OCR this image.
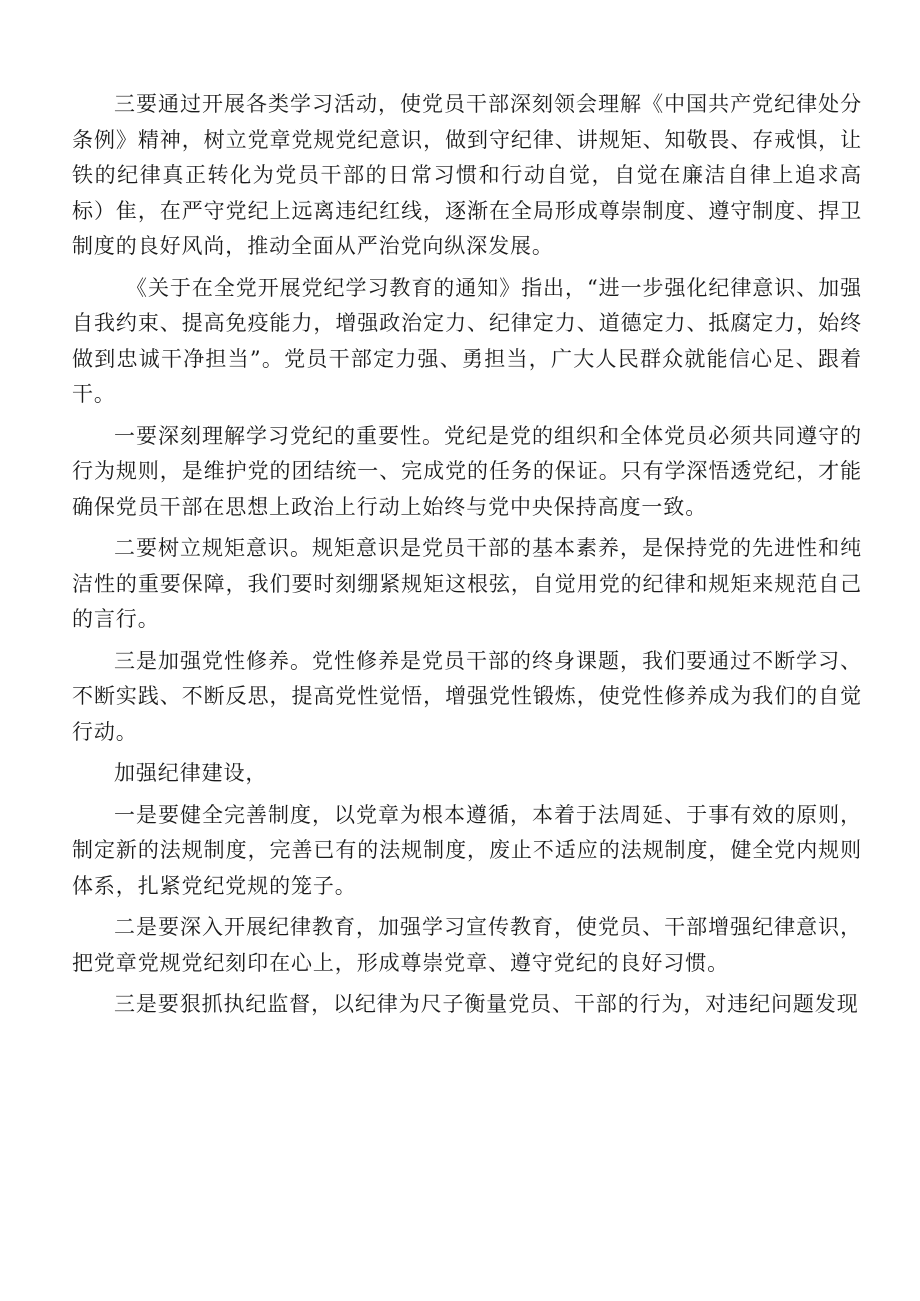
三要通过开展各类学习活动，使党员干部深刻领会理解《中国共产党纪律处分条例》精神，树立党章党规党纪意识，做到守纪律、讲规矩、知敬畏、存戒惧，让铁的纪律真正转化为党员干部的日常习惯和行动自觉，自觉在廉洁自律上追求高标）隹，在严守党纪上远离违纪红线，逐渐在全局形成尊崇制度、遵守制度、捍卫制度的良好风尚，推动全面从严治党向纵深发展。

《关于在全党开展党纪学习教育的通知》指出，“进一步强化纪律意识、加强自我约束、提高免疫能力，增强政治定力、纪律定力、道德定力、抵腐定力，始终做到忠诚干净担当”。党员干部定力强、勇担当，广大人民群众就能信心足、跟着干。

一要深刻理解学习党纪的重要性。党纪是党的组织和全体党员必须共同遵守的行为规则，是维护党的团结统一、完成党的任务的保证。只有学深悟透党纪，才能确保党员干部在思想上政治上行动上始终与党中央保持高度一致。

二要树立规矩意识。规矩意识是党员干部的基本素养，是保持党的先进性和纯洁性的重要保障，我们要时刻绷紧规矩这根弦，自觉用党的纪律和规矩来规范自己的言行。

三是加强党性修养。党性修养是党员干部的终身课题，我们要通过不断学习、不断实践、不断反思，提高党性觉悟，增强党性锻炼，使党性修养成为我们的自觉行动。

加强纪律建设，

一是要健全完善制度，以党章为根本遵循，本着于法周延、于事有效的原则，制定新的法规制度，完善已有的法规制度，废止不适应的法规制度，健全党内规则体系，扎紧党纪党规的笼子。

二是要深入开展纪律教育，加强学习宣传教育，使党员、干部增强纪律意识，把党章党规党纪刻印在心上，形成尊崇党章、遵守党纪的良好习惯。

三是要狠抓执纪监督，以纪律为尺子衡量党员、干部的行为，对违纪问题发现
